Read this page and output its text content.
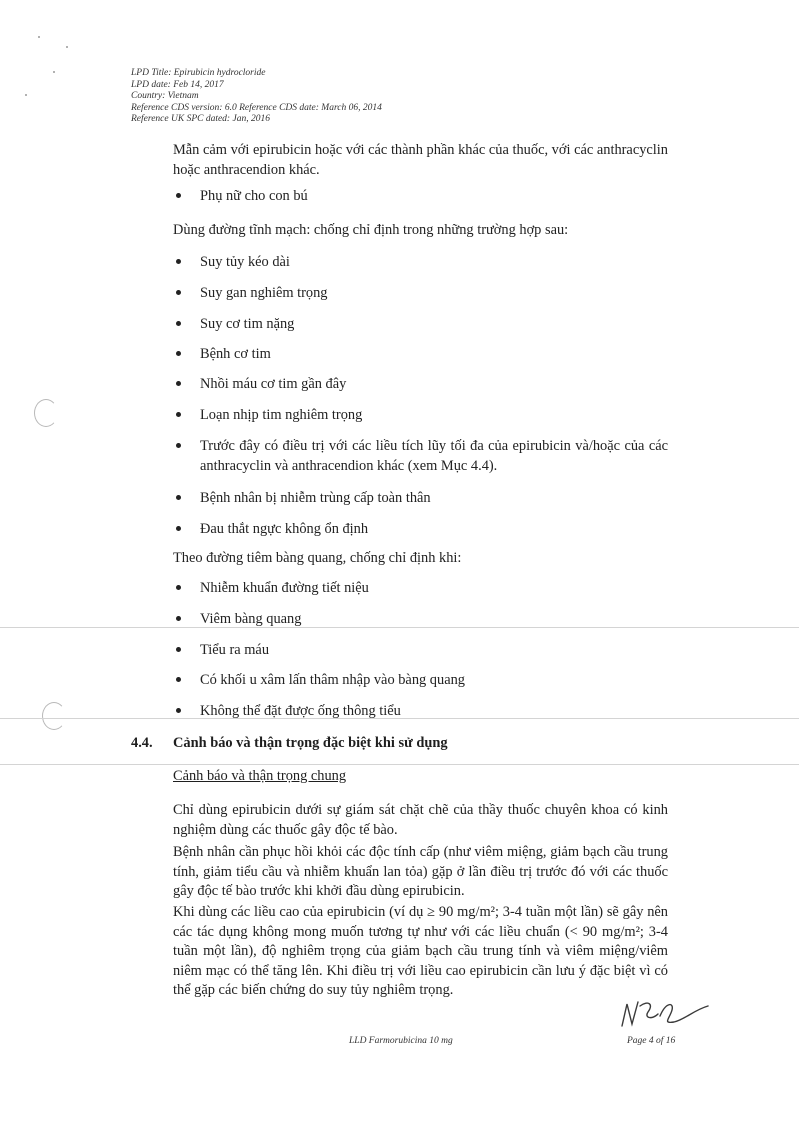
LPD Title: Epirubicin hydrocloride
LPD date: Feb 14, 2017
Country: Vietnam
Reference CDS version: 6.0 Reference CDS date: March 06, 2014
Reference UK SPC dated: Jan, 2016
Mẫn cảm với epirubicin hoặc với các thành phần khác của thuốc, với các anthracyclin hoặc anthracendion khác.
Phụ nữ cho con bú
Dùng đường tĩnh mạch: chống chỉ định trong những trường hợp sau:
Suy tủy kéo dài
Suy gan nghiêm trọng
Suy cơ tim nặng
Bệnh cơ tim
Nhồi máu cơ tim gần đây
Loạn nhịp tim nghiêm trọng
Trước đây có điều trị với các liều tích lũy tối đa của epirubicin và/hoặc của các anthracyclin và anthracendion khác (xem Mục 4.4).
Bệnh nhân bị nhiễm trùng cấp toàn thân
Đau thắt ngực không ổn định
Theo đường tiêm bàng quang, chống chỉ định khi:
Nhiễm khuẩn đường tiết niệu
Viêm bàng quang
Tiểu ra máu
Có khối u xâm lấn thâm nhập vào bàng quang
Không thể đặt được ống thông tiểu
4.4. Cảnh báo và thận trọng đặc biệt khi sử dụng
Cảnh báo và thận trọng chung
Chỉ dùng epirubicin dưới sự giám sát chặt chẽ của thầy thuốc chuyên khoa có kinh nghiệm dùng các thuốc gây độc tế bào.
Bệnh nhân cần phục hồi khỏi các độc tính cấp (như viêm miệng, giảm bạch cầu trung tính, giảm tiểu cầu và nhiễm khuẩn lan tỏa) gặp ở lần điều trị trước đó với các thuốc gây độc tế bào trước khi khởi đầu dùng epirubicin.
Khi dùng các liều cao của epirubicin (ví dụ ≥ 90 mg/m²; 3-4 tuần một lần) sẽ gây nên các tác dụng không mong muốn tương tự như với các liều chuẩn (< 90 mg/m²; 3-4 tuần một lần), độ nghiêm trọng của giảm bạch cầu trung tính và viêm miệng/viêm niêm mạc có thể tăng lên. Khi điều trị với liều cao epirubicin cần lưu ý đặc biệt vì có thể gặp các biến chứng do suy tủy nghiêm trọng.
LLD Farmorubicina 10 mg	Page 4 of 16
